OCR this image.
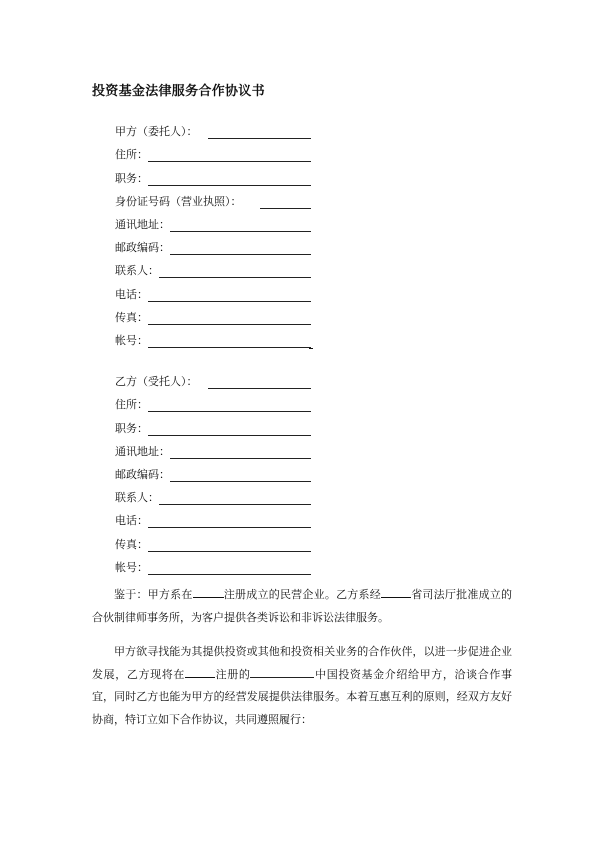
投资基金法律服务合作协议书
甲方（委托人）：
住所：
职务：
身份证号码（营业执照）：
通讯地址：
邮政编码：
联系人：
电话：
传真：
帐号：
乙方（受托人）：
住所：
职务：
通讯地址：
邮政编码：
联系人：
电话：
传真：
帐号：

鉴于：甲方系在	注册成立的民营企业。乙方系经	省司法厅批准成立的合伙制律师事务所，为客户提供各类诉讼和非诉讼法律服务。

甲方欲寻找能为其提供投资或其他和投资相关业务的合作伙伴，以进一步促进企业发展，乙方现将在	注册的	中国投资基金介绍给甲方，洽谈合作事宜，同时乙方也能为甲方的经营发展提供法律服务。本着互惠互利的原则，经双方友好协商，特订立如下合作协议，共同遵照履行：
